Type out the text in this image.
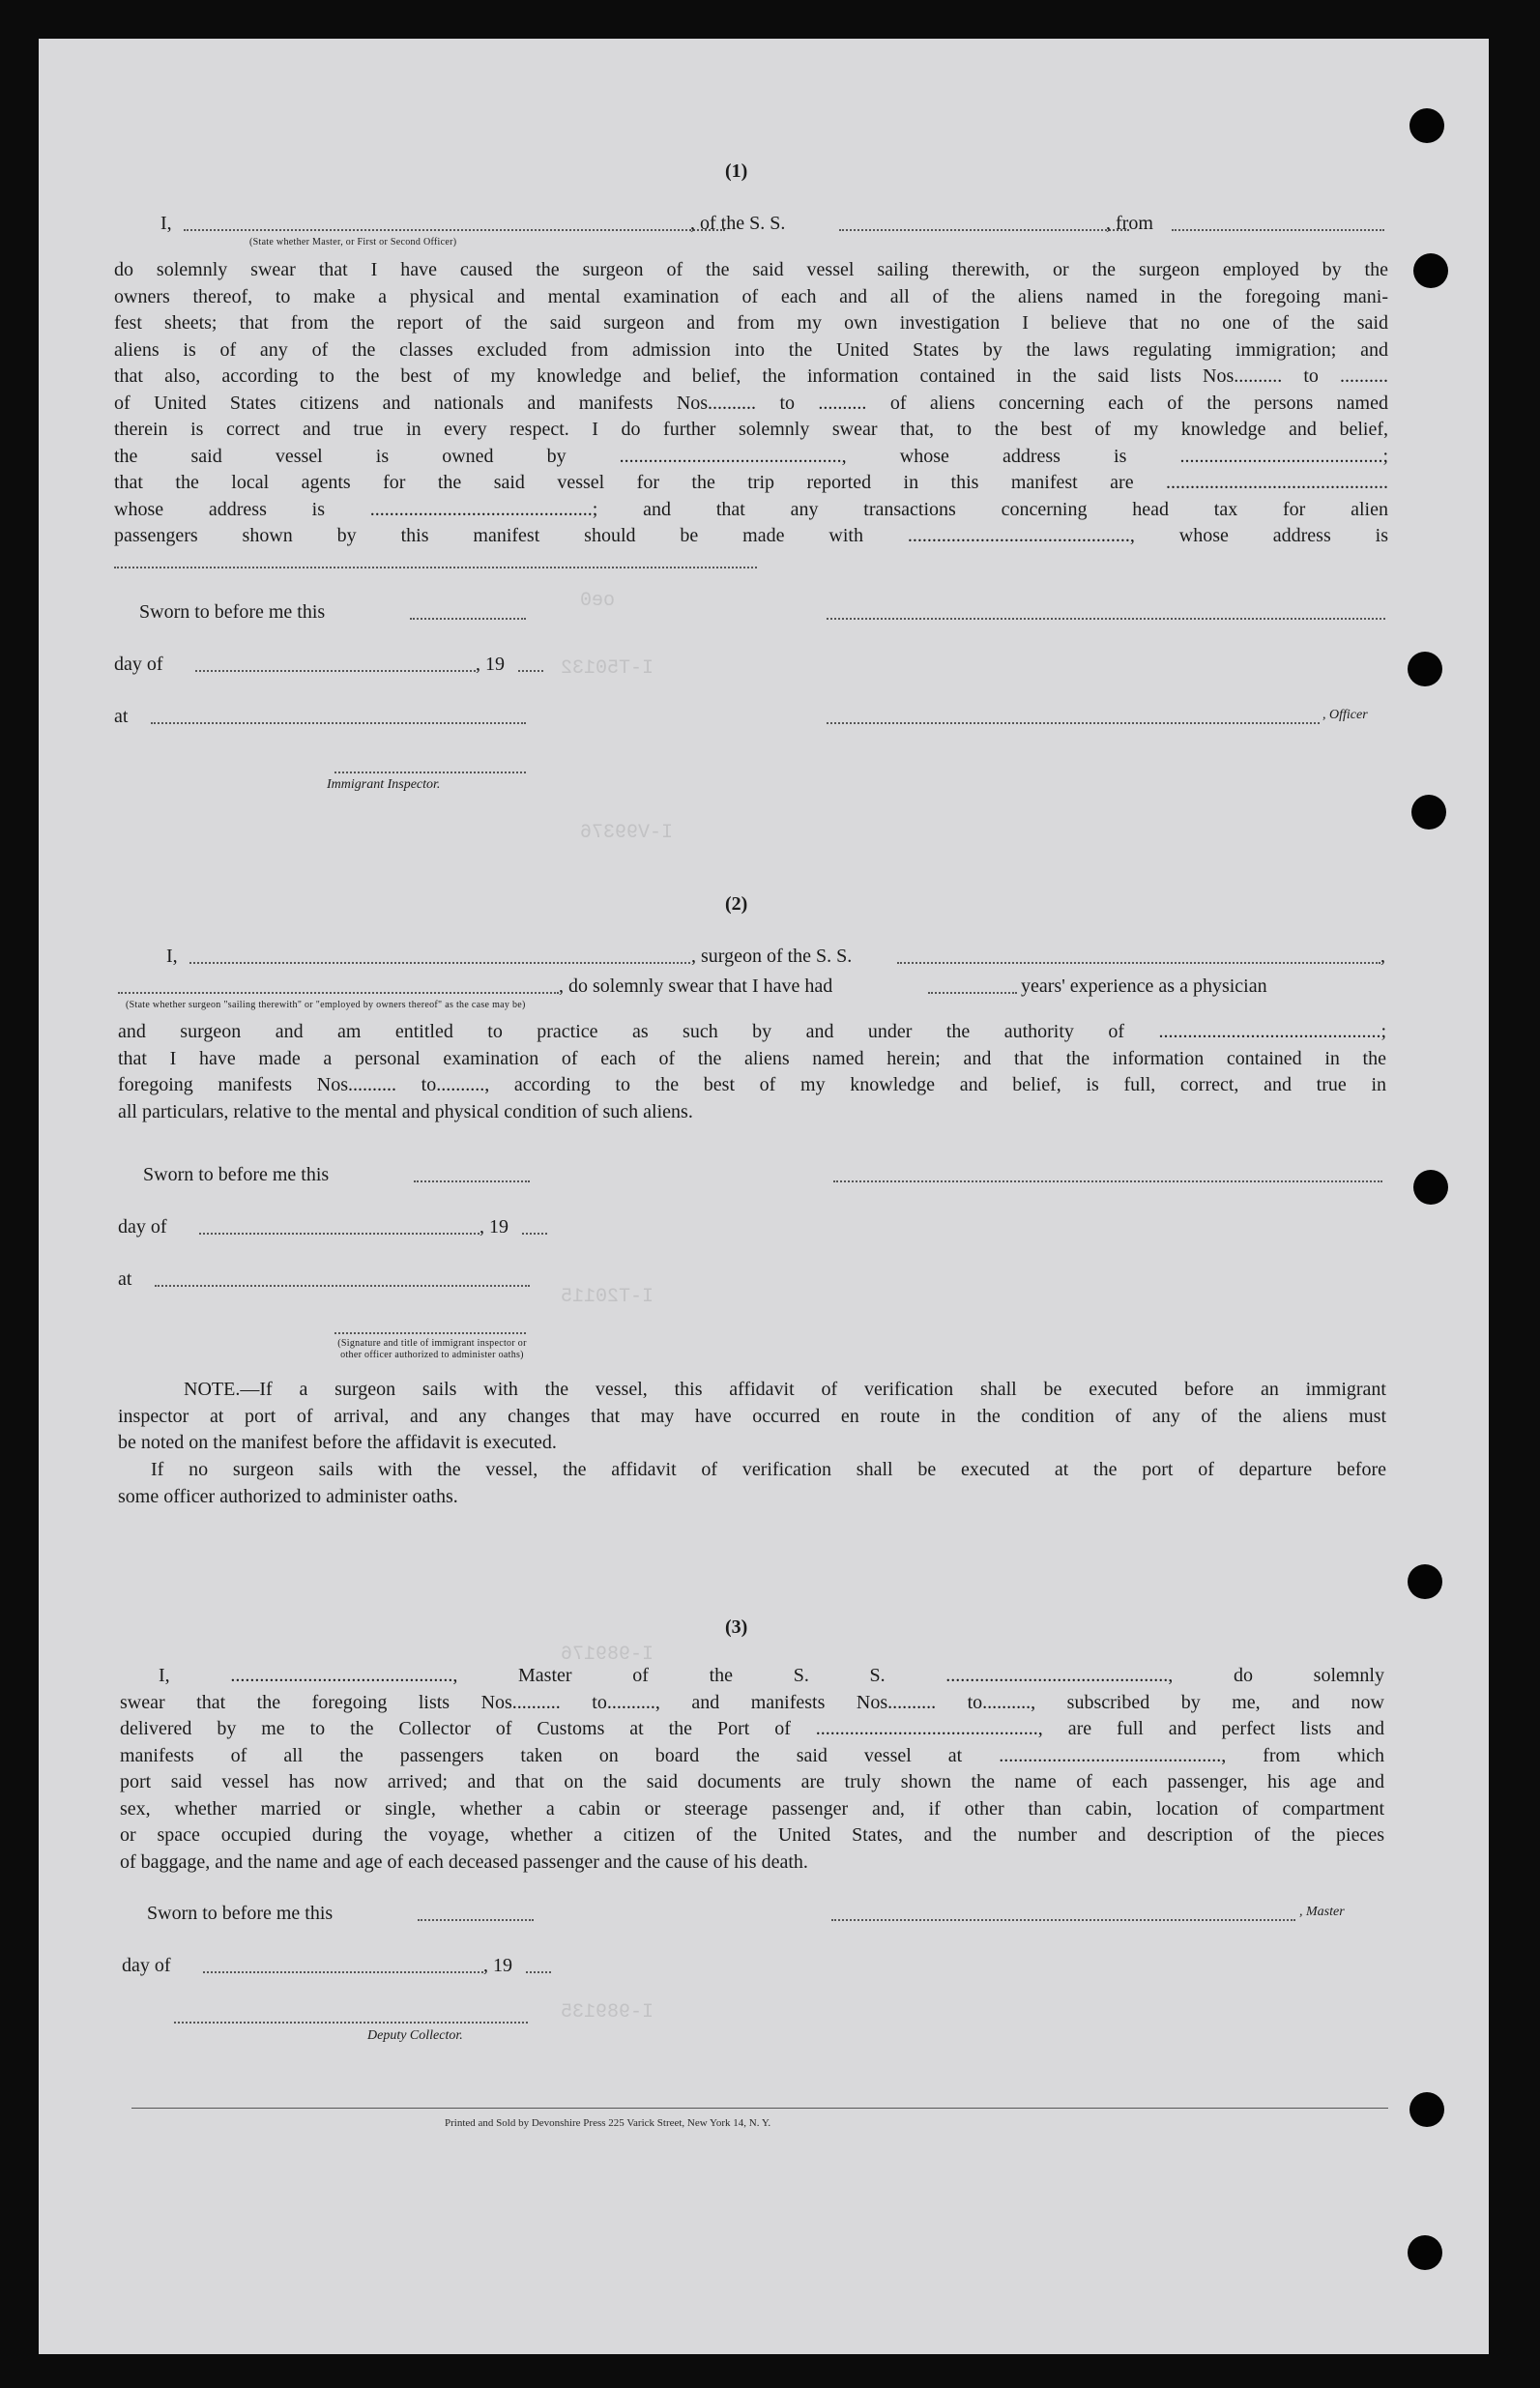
oe0
I-T50132
I-V99376
I-T20115
I-989176
I-989135
(1)
I,	, of the S. S.	, from
(State whether Master, or First or Second Officer)
do solemnly swear that I have caused the surgeon of the said vessel sailing therewith, or the surgeon employed by the
owners thereof, to make a physical and mental examination of each and all of the aliens named in the foregoing mani-
fest sheets; that from the report of the said surgeon and from my own investigation I believe that no one of the said
aliens is of any of the classes excluded from admission into the United States by the laws regulating immigration; and
that also, according to the best of my knowledge and belief, the information contained in the said lists Nos.......... to ..........
of United States citizens and nationals and manifests Nos.......... to .......... of aliens concerning each of the persons named
therein is correct and true in every respect. I do further solemnly swear that, to the best of my knowledge and belief,
the said vessel is owned by .............................................., whose address is ..........................................;
that the local agents for the said vessel for the trip reported in this manifest are ..............................................
whose address is ..............................................; and that any transactions concerning head tax for alien
passengers shown by this manifest should be made with .............................................., whose address is
Sworn to before me this
day of	, 19
at	, Officer
Immigrant Inspector.
(2)
I,	, surgeon of the S. S.	,
, do solemnly swear that I have had	years' experience as a physician
(State whether surgeon "sailing therewith" or "employed by owners thereof" as the case may be)
and surgeon and am entitled to practice as such by and under the authority of ..............................................;
that I have made a personal examination of each of the aliens named herein; and that the information contained in the
foregoing manifests Nos.......... to.........., according to the best of my knowledge and belief, is full, correct, and true in
all particulars, relative to the mental and physical condition of such aliens.
Sworn to before me this
day of	, 19
at
(Signature and title of immigrant inspector or
other officer authorized to administer oaths)
NOTE.—If a surgeon sails with the vessel, this affidavit of verification shall be executed before an immigrant
inspector at port of arrival, and any changes that may have occurred en route in the condition of any of the aliens must
be noted on the manifest before the affidavit is executed.
If no surgeon sails with the vessel, the affidavit of verification shall be executed at the port of departure before
some officer authorized to administer oaths.
(3)
I, .............................................., Master of the S. S. .............................................., do solemnly
swear that the foregoing lists Nos.......... to.........., and manifests Nos.......... to.........., subscribed by me, and now
delivered by me to the Collector of Customs at the Port of .............................................., are full and perfect lists and
manifests of all the passengers taken on board the said vessel at .............................................., from which
port said vessel has now arrived; and that on the said documents are truly shown the name of each passenger, his age and
sex, whether married or single, whether a cabin or steerage passenger and, if other than cabin, location of compartment
or space occupied during the voyage, whether a citizen of the United States, and the number and description of the pieces
of baggage, and the name and age of each deceased passenger and the cause of his death.
Sworn to before me this	, Master
day of	, 19
Deputy Collector.
Printed and Sold by Devonshire Press 225 Varick Street, New York 14, N. Y.
